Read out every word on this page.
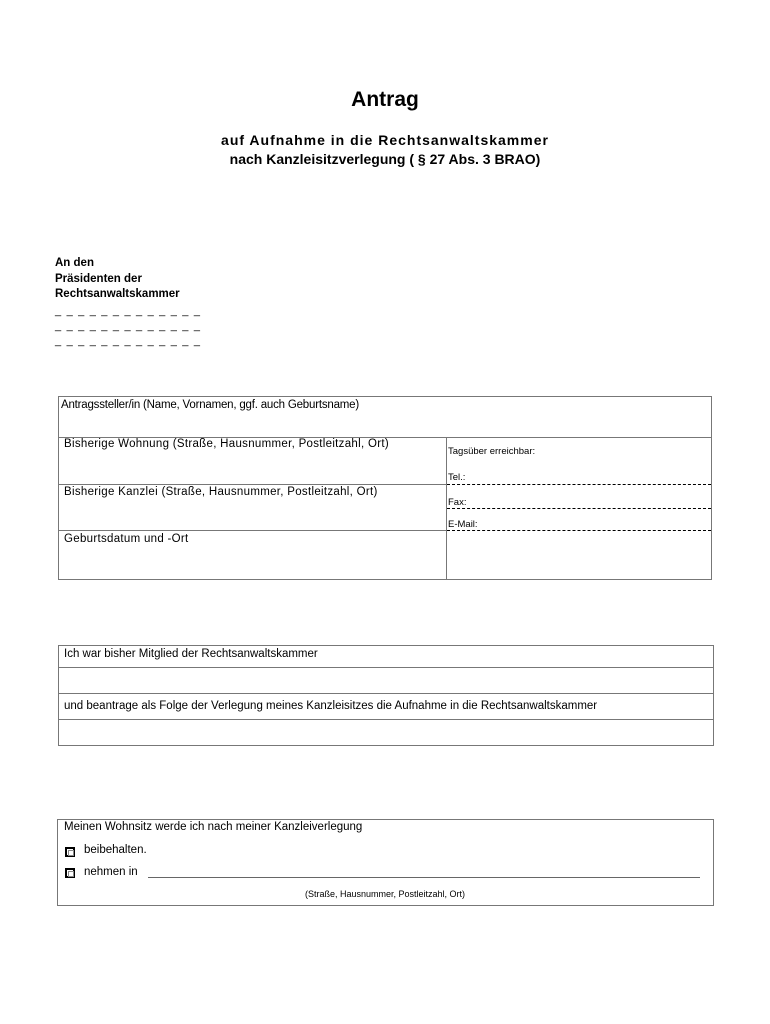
Antrag
auf Aufnahme in die Rechtsanwaltskammer
nach Kanzleisitzverlegung ( § 27 Abs. 3 BRAO)
An den
Präsidenten der
Rechtsanwaltskammer
_ _ _ _ _ _ _ _ _ _ _ _ _
_ _ _ _ _ _ _ _ _ _ _ _ _
_ _ _ _ _ _ _ _ _ _ _ _ _
Antragssteller/in (Name, Vornamen, ggf. auch Geburtsname)
Bisherige Wohnung (Straße, Hausnummer, Postleitzahl, Ort)
Bisherige Kanzlei (Straße, Hausnummer, Postleitzahl, Ort)
Geburtsdatum und -Ort
Tagsüber erreichbar:
Tel.:
Fax:
E-Mail:
Ich war bisher Mitglied der Rechtsanwaltskammer
und beantrage als Folge der Verlegung meines Kanzleisitzes die Aufnahme in die Rechtsanwaltskammer
Meinen Wohnsitz werde ich nach meiner Kanzleiverlegung
beibehalten.
nehmen in
(Straße, Hausnummer, Postleitzahl, Ort)
